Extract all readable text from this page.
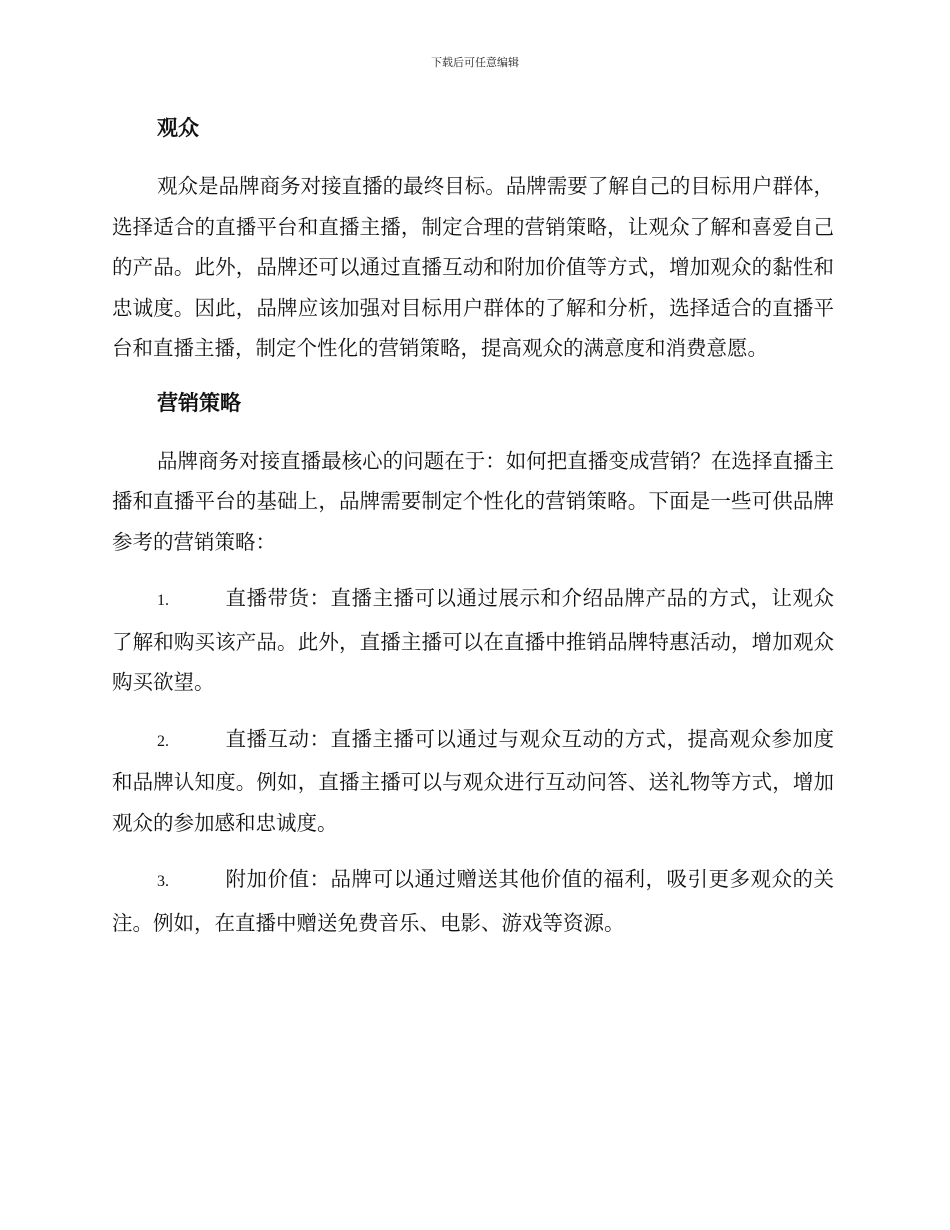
下载后可任意编辑
观众

观众是品牌商务对接直播的最终目标。品牌需要了解自己的目标用户群体，选择适合的直播平台和直播主播，制定合理的营销策略，让观众了解和喜爱自己的产品。此外，品牌还可以通过直播互动和附加价值等方式，增加观众的黏性和忠诚度。因此，品牌应该加强对目标用户群体的了解和分析，选择适合的直播平台和直播主播，制定个性化的营销策略，提高观众的满意度和消费意愿。

营销策略

品牌商务对接直播最核心的问题在于：如何把直播变成营销？在选择直播主播和直播平台的基础上，品牌需要制定个性化的营销策略。下面是一些可供品牌参考的营销策略：

1.	直播带货：直播主播可以通过展示和介绍品牌产品的方式，让观众了解和购买该产品。此外，直播主播可以在直播中推销品牌特惠活动，增加观众购买欲望。

2.	直播互动：直播主播可以通过与观众互动的方式，提高观众参加度和品牌认知度。例如，直播主播可以与观众进行互动问答、送礼物等方式，增加观众的参加感和忠诚度。

3.	附加价值：品牌可以通过赠送其他价值的福利，吸引更多观众的关注。例如，在直播中赠送免费音乐、电影、游戏等资源。
